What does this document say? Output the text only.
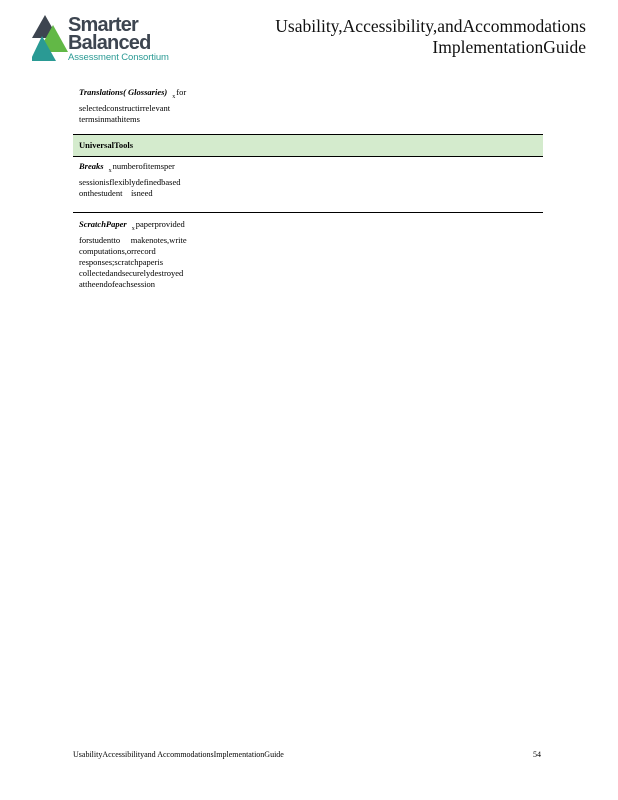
Smarter
Balanced
Assessment Consortium
Usability,Accessibility,andAccommodations
ImplementationGuide
Translations( Glossaries) $_x$for
selectedconstructirrelevant
termsinmathitems
UniversalTools
Breaks $_x$numberofitemsper
sessionisflexiblydefinedbased
onthestudent ísneed
ScratchPaper $_x$paperprovided
forstudentto  makenotes,write
computations,orrecord
responses;scratchpaperis
collectedandsecurelydestroyed
attheendofeachsession
UsabilityAccessibilityand AccommodationsImplementationGuide	54
